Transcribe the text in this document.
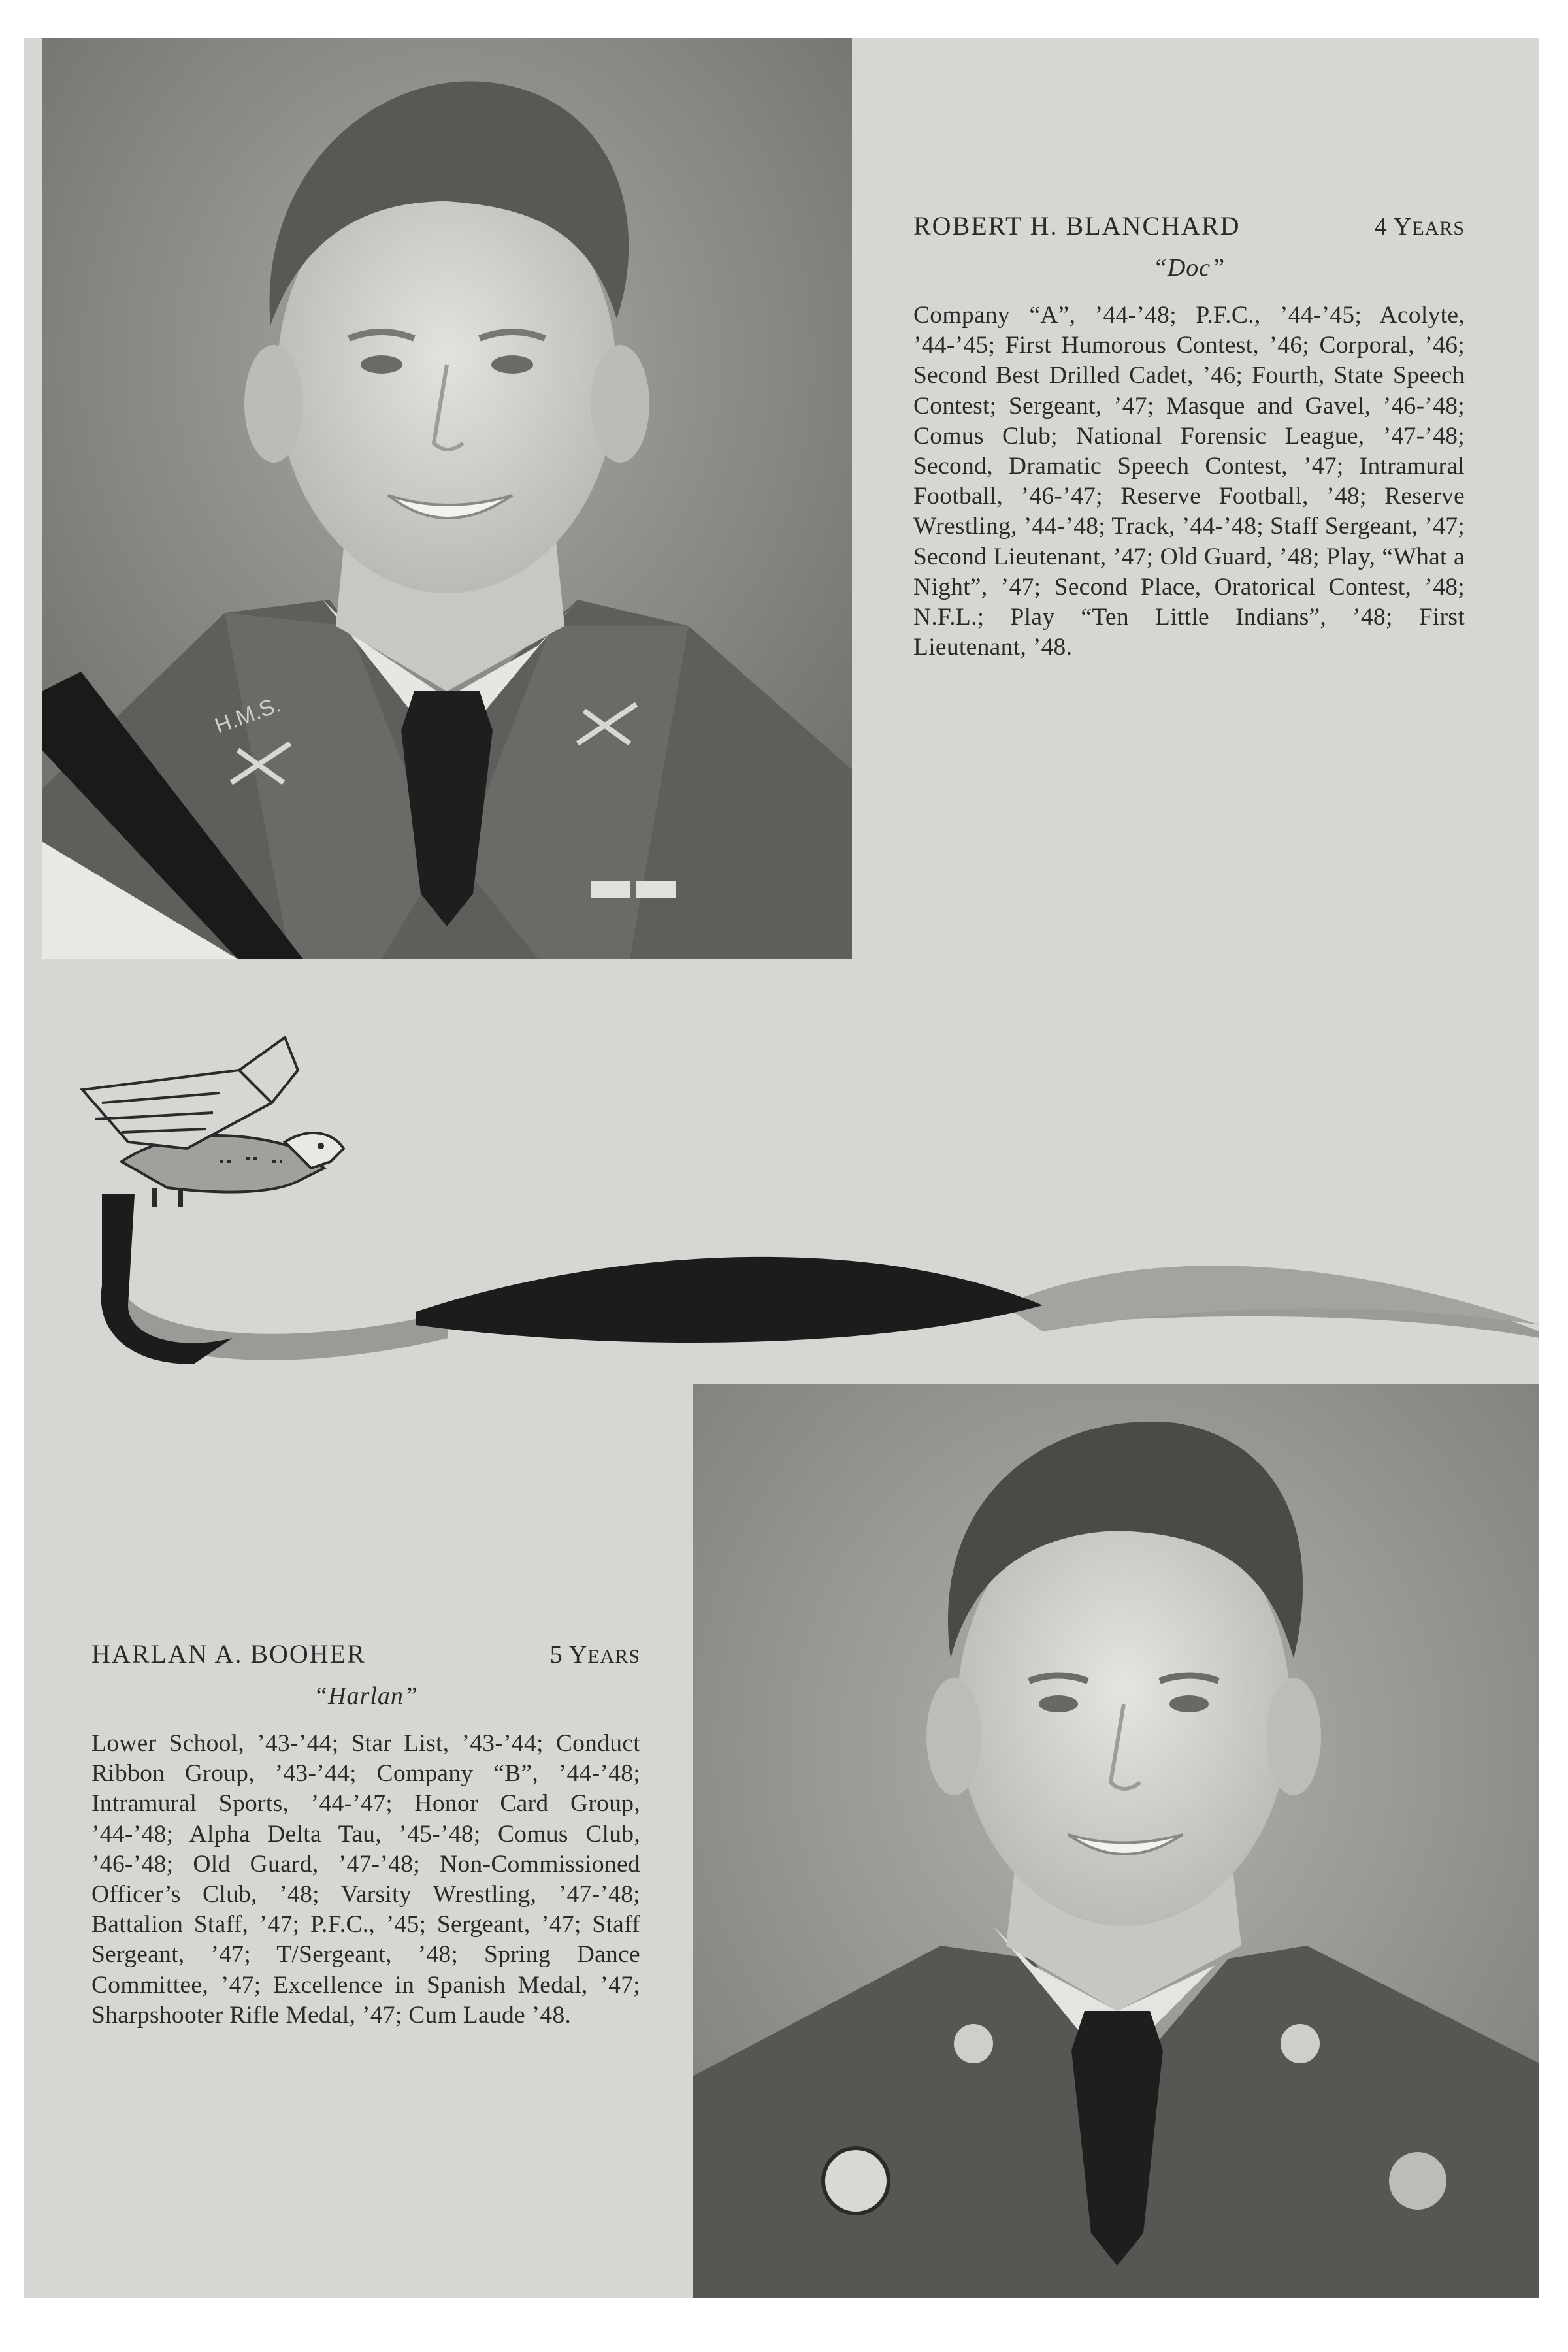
H.M.S.
ROBERT H. BLANCHARD	4 YEARS
“Doc”
Company “A”, ’44-’48; P.F.C., ’44-’45; Acolyte, ’44-’45; First Humorous Contest, ’46; Corporal, ’46; Second Best Drilled Cadet, ’46; Fourth, State Speech Contest; Sergeant, ’47; Masque and Gavel, ’46-’48; Comus Club; National Forensic League, ’47-’48; Second, Dramatic Speech Contest, ’47; Intramural Football, ’46-’47; Reserve Football, ’48; Reserve Wrestling, ’44-’48; Track, ’44-’48; Staff Sergeant, ’47; Second Lieutenant, ’47; Old Guard, ’48; Play, “What a Night”, ’47; Second Place, Oratorical Contest, ’48; N.F.L.; Play “Ten Little Indians”, ’48; First Lieutenant, ’48.
HARLAN A. BOOHER	5 YEARS
“Harlan”
Lower School, ’43-’44; Star List, ’43-’44; Conduct Ribbon Group, ’43-’44; Company “B”, ’44-’48; Intramural Sports, ’44-’47; Honor Card Group, ’44-’48; Alpha Delta Tau, ’45-’48; Comus Club, ’46-’48; Old Guard, ’47-’48; Non-Commissioned Officer’s Club, ’48; Varsity Wrestling, ’47-’48; Battalion Staff, ’47; P.F.C., ’45; Sergeant, ’47; Staff Sergeant, ’47; T/Sergeant, ’48; Spring Dance Committee, ’47; Excellence in Spanish Medal, ’47; Sharpshooter Rifle Medal, ’47; Cum Laude ’48.
